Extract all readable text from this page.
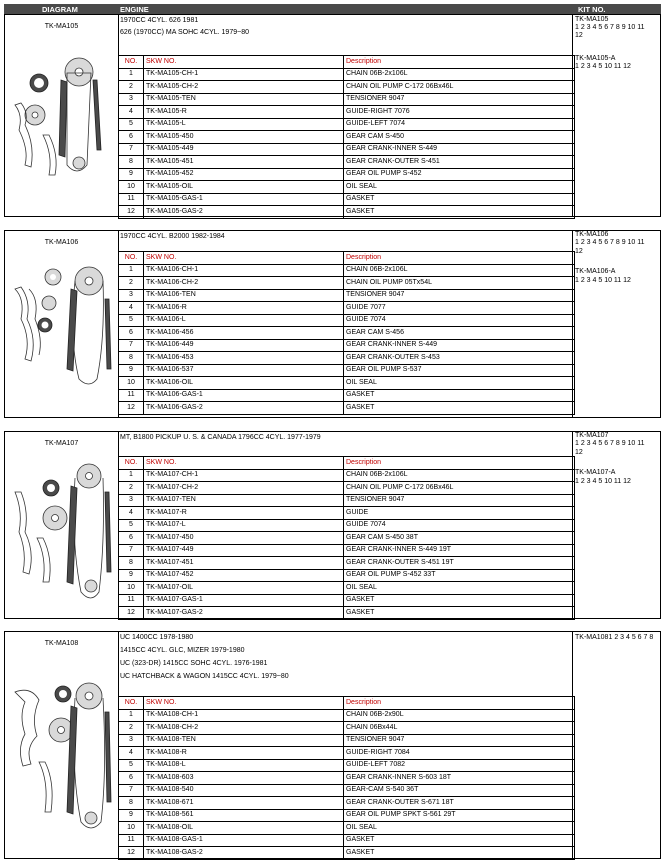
DIAGRAM	ENGINE	KIT NO.
TK-MA105
1970CC 4CYL. 626 1981
626 (1970CC) MA SOHC 4CYL. 1979~80
NO.	SKW NO.	Description
1	TK-MA105-CH-1	CHAIN 06B-2x106L
2	TK-MA105-CH-2	CHAIN OIL PUMP C-172 06Bx46L
3	TK-MA105-TEN	TENSIONER 9047
4	TK-MA105-R	GUIDE-RIGHT 7076
5	TK-MA105-L	GUIDE-LEFT 7074
6	TK-MA105-450	GEAR CAM S-450
7	TK-MA105-449	GEAR CRANK-INNER S-449
8	TK-MA105-451	GEAR CRANK-OUTER S-451
9	TK-MA105-452	GEAR OIL PUMP S-452
10	TK-MA105-OIL	OIL SEAL
11	TK-MA105-GAS-1	GASKET
12	TK-MA105-GAS-2	GASKET
TK-MA105
1 2 3 4 5 6 7 8 9 10 11
12
TK-MA105-A
1 2 3 4 5 10 11 12
TK-MA106
1970CC 4CYL. B2000 1982-1984
NO.	SKW NO.	Description
1	TK-MA106-CH-1	CHAIN 06B-2x106L
2	TK-MA106-CH-2	CHAIN OIL PUMP 05Tx54L
3	TK-MA106-TEN	TENSIONER 9047
4	TK-MA106-R	GUIDE 7077
5	TK-MA106-L	GUIDE 7074
6	TK-MA106-456	GEAR CAM S-456
7	TK-MA106-449	GEAR CRANK-INNER S-449
8	TK-MA106-453	GEAR CRANK-OUTER S-453
9	TK-MA106-537	GEAR OIL PUMP S-537
10	TK-MA106-OIL	OIL SEAL
11	TK-MA106-GAS-1	GASKET
12	TK-MA106-GAS-2	GASKET
TK-MA106
1 2 3 4 5 6 7 8 9 10 11
12
TK-MA106-A
1 2 3 4 5 10 11 12
TK-MA107
MT, B1800 PICKUP U. S. & CANADA 1796CC 4CYL. 1977-1979
NO.	SKW NO.	Description
1	TK-MA107-CH-1	CHAIN 06B-2x106L
2	TK-MA107-CH-2	CHAIN OIL PUMP C-172 06Bx46L
3	TK-MA107-TEN	TENSIONER 9047
4	TK-MA107-R	GUIDE
5	TK-MA107-L	GUIDE 7074
6	TK-MA107-450	GEAR CAM S-450 38T
7	TK-MA107-449	GEAR CRANK-INNER S-449 19T
8	TK-MA107-451	GEAR CRANK-OUTER S-451 19T
9	TK-MA107-452	GEAR OIL PUMP S-452 33T
10	TK-MA107-OIL	OIL SEAL
11	TK-MA107-GAS-1	GASKET
12	TK-MA107-GAS-2	GASKET
TK-MA107
1 2 3 4 5 6 7 8 9 10 11
12
TK-MA107-A
1 2 3 4 5 10 11 12
TK-MA108
UC 1400CC 1978-1980
1415CC 4CYL. GLC, MIZER 1979-1980
UC (323-DR) 1415CC SOHC 4CYL. 1976-1981
UC HATCHBACK & WAGON 1415CC 4CYL. 1979~80
NO.	SKW NO.	Description
1	TK-MA108-CH-1	CHAIN 06B-2x90L
2	TK-MA108-CH-2	CHAIN 06Bx44L
3	TK-MA108-TEN	TENSIONER 9047
4	TK-MA108-R	GUIDE-RIGHT 7084
5	TK-MA108-L	GUIDE-LEFT 7082
6	TK-MA108-603	GEAR CRANK-INNER S-603 18T
7	TK-MA108-540	GEAR-CAM S-540 36T
8	TK-MA108-671	GEAR CRANK-OUTER S-671 18T
9	TK-MA108-561	GEAR OIL PUMP SPKT S-561 29T
10	TK-MA108-OIL	OIL SEAL
11	TK-MA108-GAS-1	GASKET
12	TK-MA108-GAS-2	GASKET
TK-MA1081 2 3 4 5 6 7 8
